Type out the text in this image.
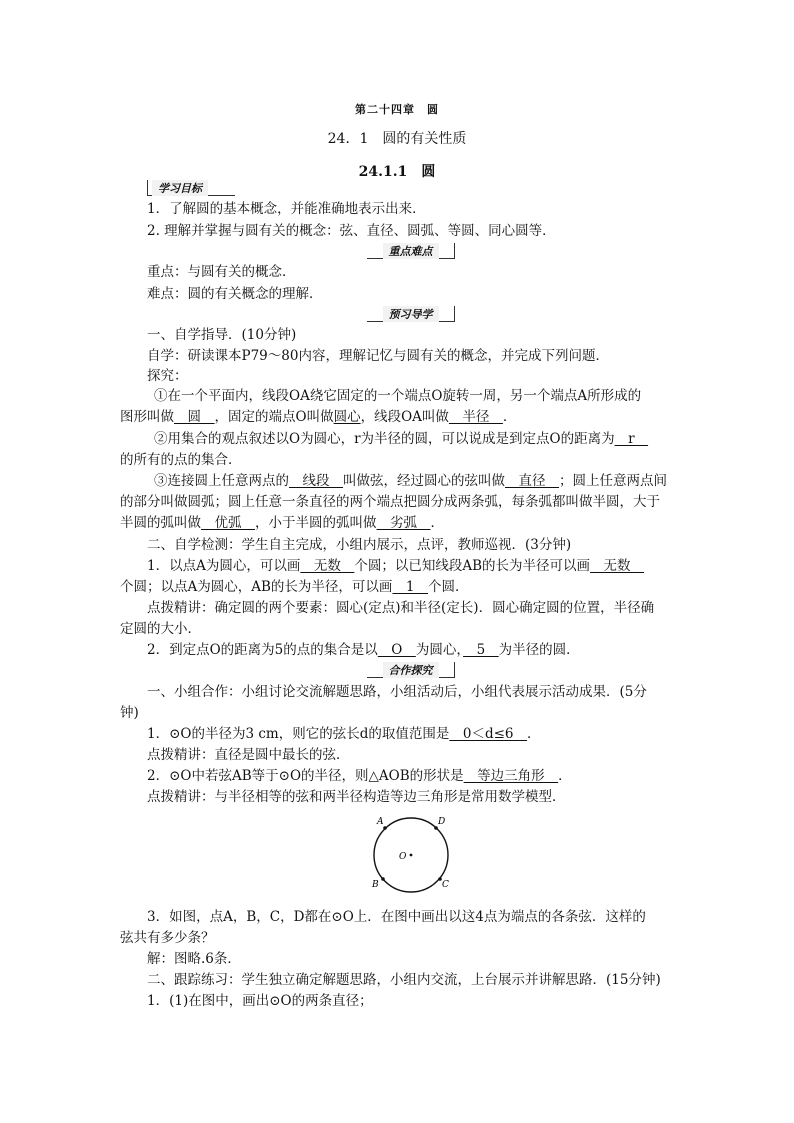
第二十四章　圆
24．1　圆的有关性质
24.1.1　圆
学习目标
1．了解圆的基本概念，并能准确地表示出来．
2. 理解并掌握与圆有关的概念：弦、直径、圆弧、等圆、同心圆等．
重点难点
重点：与圆有关的概念．
难点：圆的有关概念的理解．
预习导学
一、自学指导．(10分钟)
自学：研读课本P79～80内容，理解记忆与圆有关的概念，并完成下列问题．
探究：
①在一个平面内，线段OA绕它固定的一个端点O旋转一周，另一个端点A所形成的
图形叫做　圆　，固定的端点O叫做圆心，线段OA叫做　半径　．
②用集合的观点叙述以O为圆心，r为半径的圆，可以说成是到定点O的距离为　r　
的所有的点的集合．
③连接圆上任意两点的　线段　叫做弦，经过圆心的弦叫做　直径　；圆上任意两点间
的部分叫做圆弧；圆上任意一条直径的两个端点把圆分成两条弧，每条弧都叫做半圆，大于
半圆的弧叫做　优弧　，小于半圆的弧叫做　劣弧　．
二、自学检测：学生自主完成，小组内展示，点评，教师巡视．(3分钟)
1．以点A为圆心，可以画　无数　个圆；以已知线段AB的长为半径可以画　无数　
个圆；以点A为圆心，AB的长为半径，可以画　1　个圆．
点拨精讲：确定圆的两个要素：圆心(定点)和半径(定长)．圆心确定圆的位置，半径确
定圆的大小．
2．到定点O的距离为5的点的集合是以　O　为圆心，　5　为半径的圆．
合作探究
一、小组合作：小组讨论交流解题思路，小组活动后，小组代表展示活动成果．(5分
钟)
1．⊙O的半径为3 cm，则它的弦长d的取值范围是　0＜d≤6　．
点拨精讲：直径是圆中最长的弦．
2．⊙O中若弦AB等于⊙O的半径，则△AOB的形状是　等边三角形　．
点拨精讲：与半径相等的弦和两半径构造等边三角形是常用数学模型．
A	D
O
B	C
3．如图，点A，B，C，D都在⊙O上．在图中画出以这4点为端点的各条弦．这样的
弦共有多少条？
解：图略.6条．
二、跟踪练习：学生独立确定解题思路，小组内交流，上台展示并讲解思路．(15分钟)
1．(1)在图中，画出⊙O的两条直径；
